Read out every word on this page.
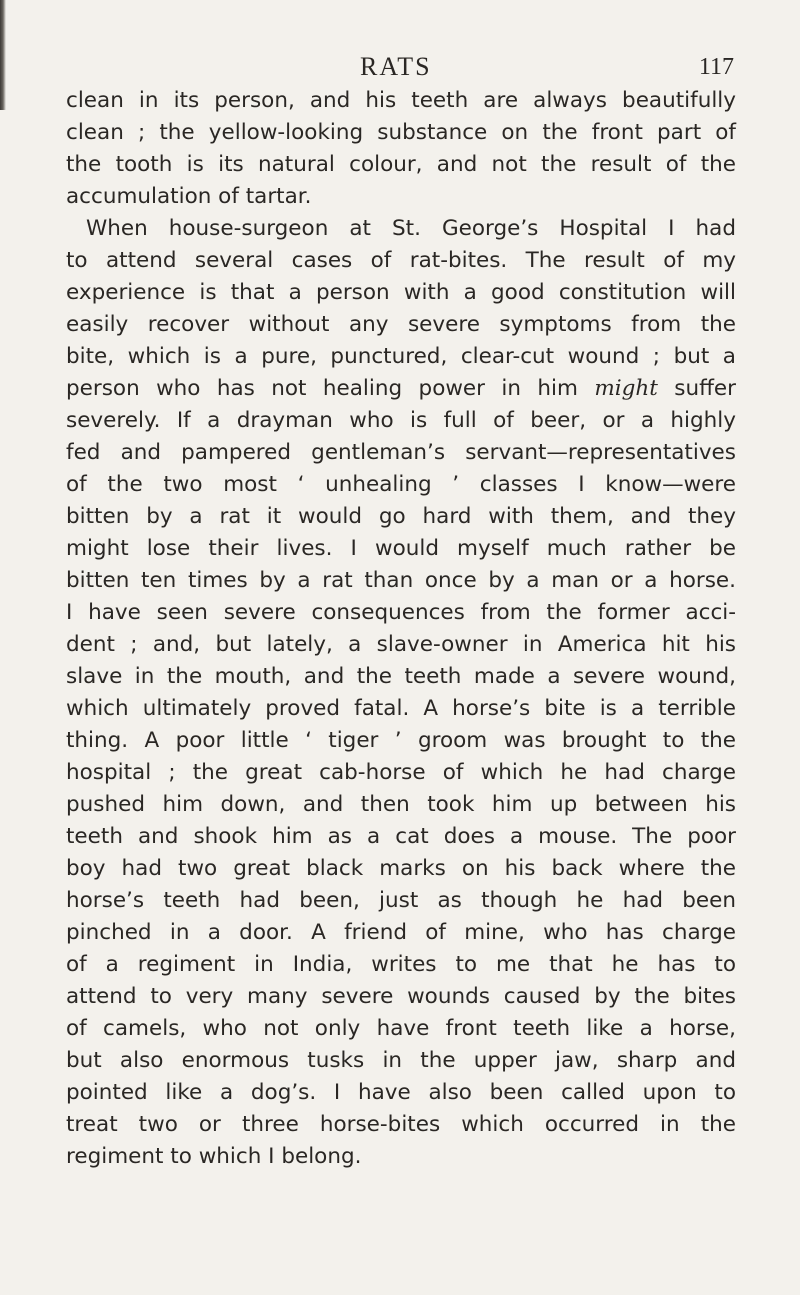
RATS	117
clean in its person, and his teeth are always beautifully
clean ; the yellow-looking substance on the front part of
the tooth is its natural colour, and not the result of the
accumulation of tartar.
When house-surgeon at St. George’s Hospital I had
to attend several cases of rat-bites. The result of my
experience is that a person with a good constitution will
easily recover without any severe symptoms from the
bite, which is a pure, punctured, clear-cut wound ; but a
person who has not healing power in him might suffer
severely. If a drayman who is full of beer, or a highly
fed and pampered gentleman’s servant—representatives
of the two most ‘ unhealing ’ classes I know—were
bitten by a rat it would go hard with them, and they
might lose their lives. I would myself much rather be
bitten ten times by a rat than once by a man or a horse.
I have seen severe consequences from the former acci-
dent ; and, but lately, a slave-owner in America hit his
slave in the mouth, and the teeth made a severe wound,
which ultimately proved fatal. A horse’s bite is a terrible
thing. A poor little ‘ tiger ’ groom was brought to the
hospital ; the great cab-horse of which he had charge
pushed him down, and then took him up between his
teeth and shook him as a cat does a mouse. The poor
boy had two great black marks on his back where the
horse’s teeth had been, just as though he had been
pinched in a door. A friend of mine, who has charge
of a regiment in India, writes to me that he has to
attend to very many severe wounds caused by the bites
of camels, who not only have front teeth like a horse,
but also enormous tusks in the upper jaw, sharp and
pointed like a dog’s. I have also been called upon to
treat two or three horse-bites which occurred in the
regiment to which I belong.
